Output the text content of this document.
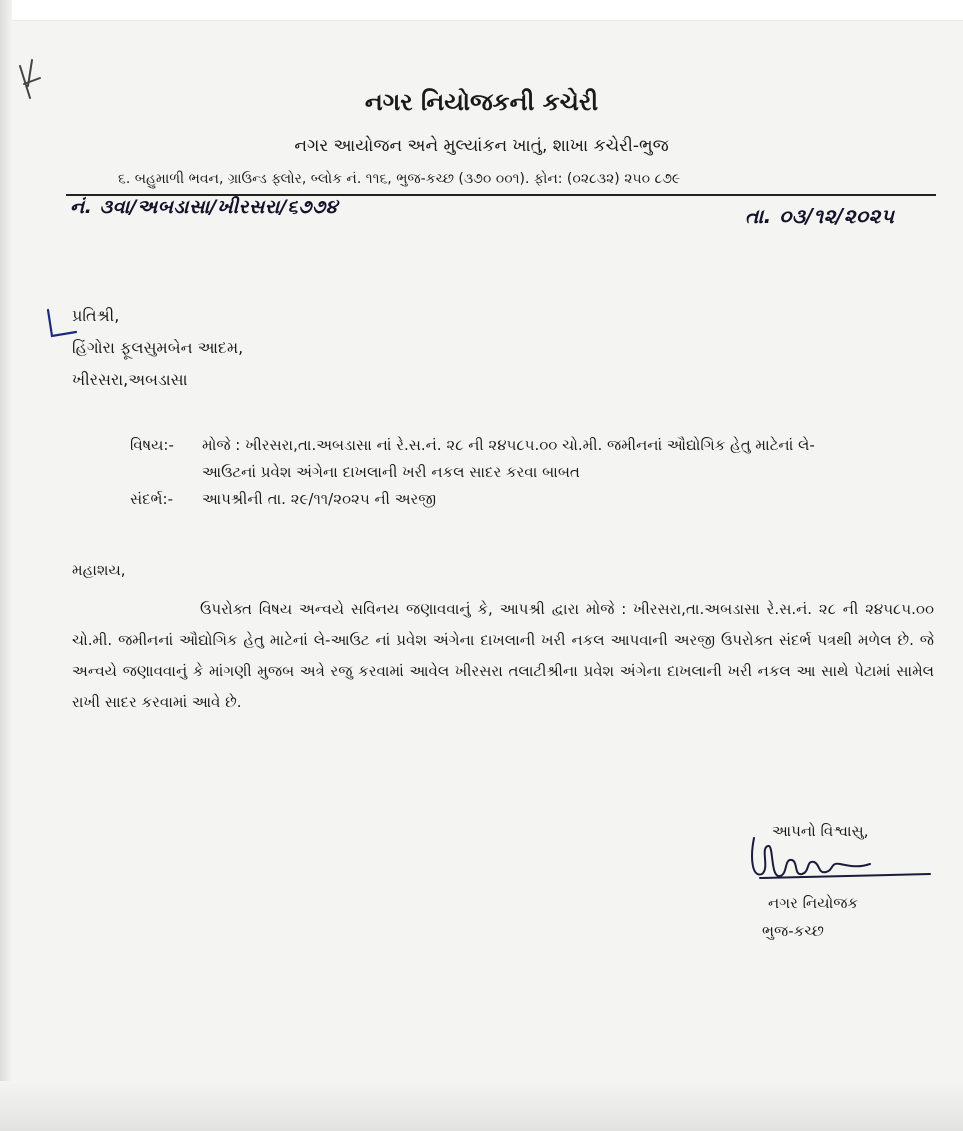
નગર નિયોજકની કચેરી
નગર આયોજન અને મુલ્યાંકન ખાતું, શાખા કચેરી-ભુજ
૬. બહુમાળી ભવન, ગ્રાઉન્ડ ફ્લોર, બ્લોક નં. ૧૧૬, ભુજ-કચ્છ (૩૭૦ ૦૦૧). ફોન: (૦૨૮૩૨) ૨૫૦ ૮૭૯
નં. ૩વા/અબડાસા/ખીરસરા/૬૭૭૪	તા. ૦૩/૧૨/૨૦૨૫
પ્રતિશ્રી,
હિંગોરા ફૂલસુમબેન આદમ,
ખીરસરા,અબડાસા
વિષય:- મોજે : ખીરસરા,તા.અબડાસા નાં રે.સ.નં. ૨૮ ની ૨૪૫૮૫.૦૦ ચો.મી. જમીનનાં ઔદ્યોગિક હેતુ માટેનાં લે-
આઉટનાં પ્રવેશ અંગેના દાખલાની ખરી નકલ સાદર કરવા બાબત
સંદર્ભ:- આપશ્રીની તા. ૨૯/૧૧/૨૦૨૫ ની અરજી
મહાશય,

ઉપરોક્ત વિષય અન્વયે સવિનય જણાવવાનું કે, આપશ્રી દ્વારા મોજે : ખીરસરા,તા.અબડાસા રે.સ.નં. ૨૮ ની ૨૪૫૮૫.૦૦ ચો.મી. જમીનનાં ઔદ્યોગિક હેતુ માટેનાં લે-આઉટ નાં પ્રવેશ અંગેના દાખલાની ખરી નકલ આપવાની અરજી ઉપરોક્ત સંદર્ભ પત્રથી મળેલ છે. જે અન્વયે જણાવવાનું કે માંગણી મુજબ અત્રે રજુ કરવામાં આવેલ ખીરસરા તલાટીશ્રીના પ્રવેશ અંગેના દાખલાની ખરી નકલ આ સાથે પેટામાં સામેલ રાખી સાદર કરવામાં આવે છે.

આપનો વિશ્વાસુ,
નગર નિયોજક
ભુજ-કચ્છ
